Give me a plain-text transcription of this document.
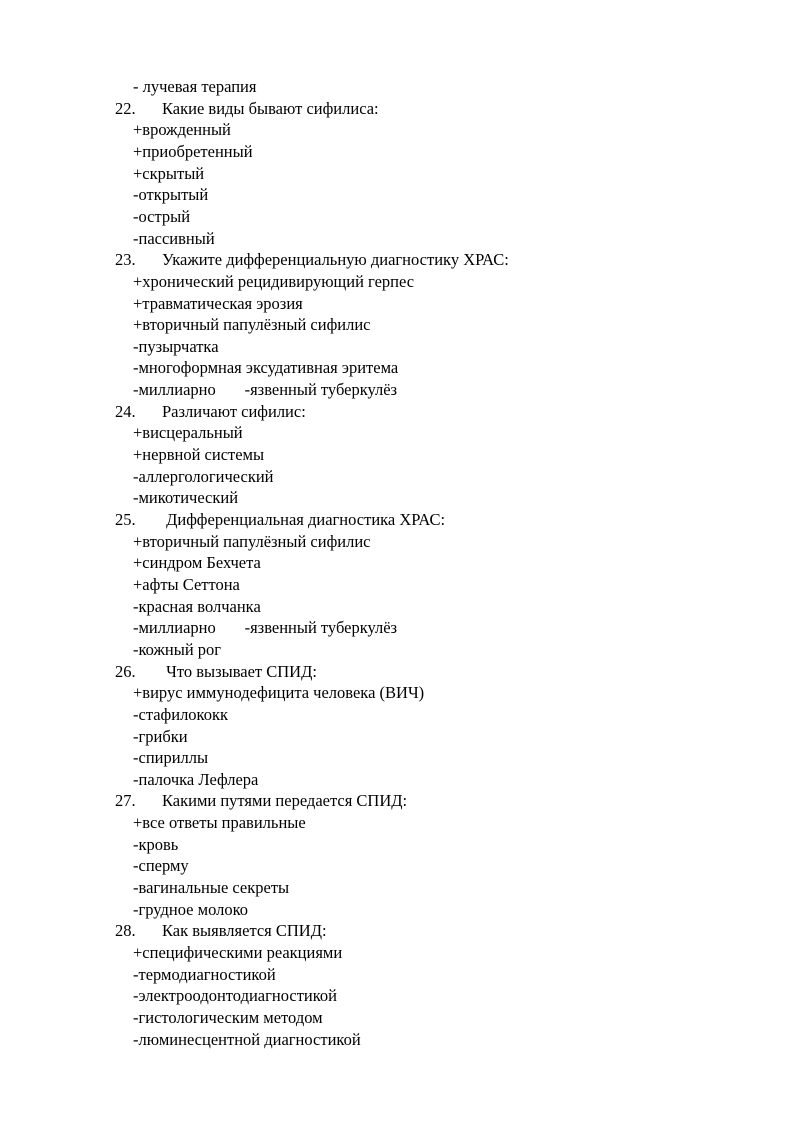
- лучевая терапия
22. Какие виды бывают сифилиса:
+врожденный
+приобретенный
+скрытый
-открытый
-острый
-пассивный
23. Укажите дифференциальную диагностику ХРАС:
+хронический рецидивирующий герпес
+травматическая эрозия
+вторичный папулёзный сифилис
-пузырчатка
-многоформная эксудативная эритема
-миллиарно       -язвенный туберкулёз
24. Различают сифилис:
+висцеральный
+нервной системы
-аллергологический
-микотический
25. Дифференциальная диагностика ХРАС:
+вторичный папулёзный сифилис
+синдром Бехчета
+афты Сеттона
-красная волчанка
-миллиарно       -язвенный туберкулёз
-кожный рог
26. Что вызывает СПИД:
+вирус иммунодефицита человека (ВИЧ)
-стафилококк
-грибки
-спириллы
-палочка Лефлера
27. Какими путями передается СПИД:
+все ответы правильные
-кровь
-сперму
-вагинальные секреты
-грудное молоко
28. Как выявляется СПИД:
+специфическими реакциями
-термодиагностикой
-электроодонтодиагностикой
-гистологическим методом
-люминесцентной диагностикой
